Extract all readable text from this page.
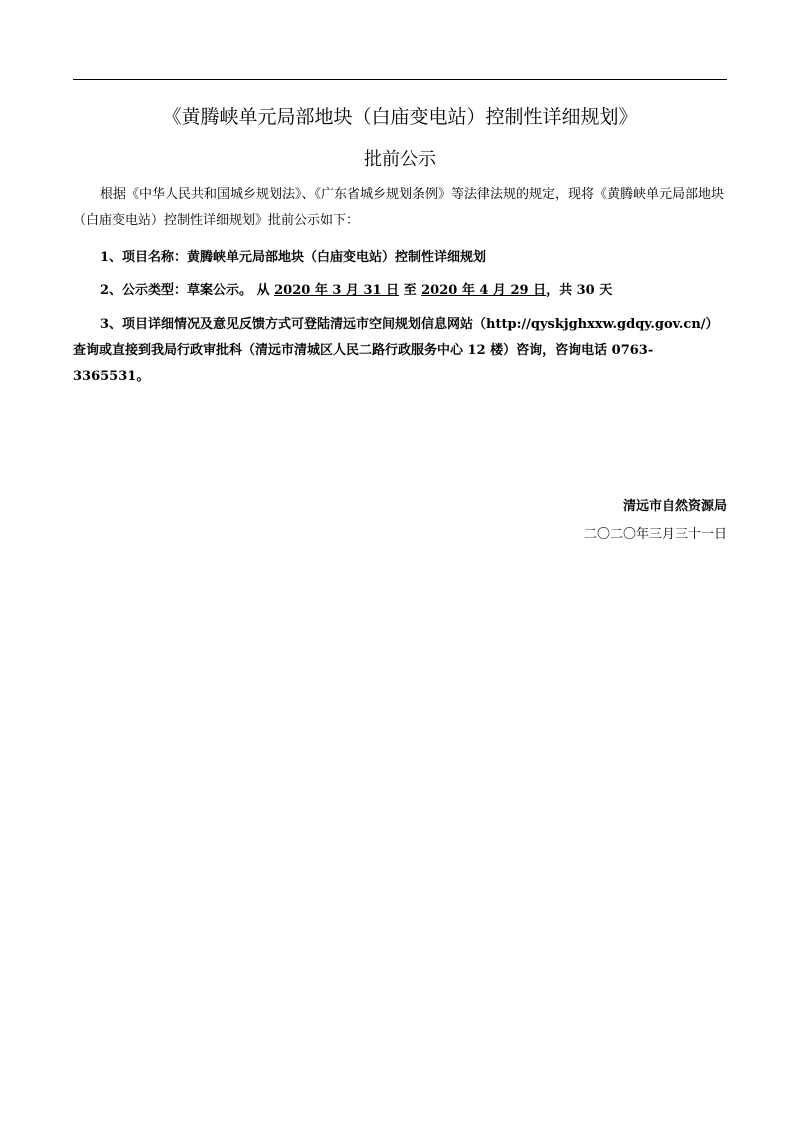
《黄腾峡单元局部地块（白庙变电站）控制性详细规划》
批前公示
根据《中华人民共和国城乡规划法》、《广东省城乡规划条例》等法律法规的规定，现将《黄腾峡单元局部地块（白庙变电站）控制性详细规划》批前公示如下：
1、项目名称：黄腾峡单元局部地块（白庙变电站）控制性详细规划
2、公示类型：草案公示。 从 2020 年 3 月 31 日 至 2020 年 4 月 29 日，共 30 天
3、项目详细情况及意见反馈方式可登陆清远市空间规划信息网站（http://qyskjghxxw.gdqy.gov.cn/）查询或直接到我局行政审批科（清远市清城区人民二路行政服务中心 12 楼）咨询，咨询电话 0763-3365531。
清远市自然资源局
二〇二〇年三月三十一日
